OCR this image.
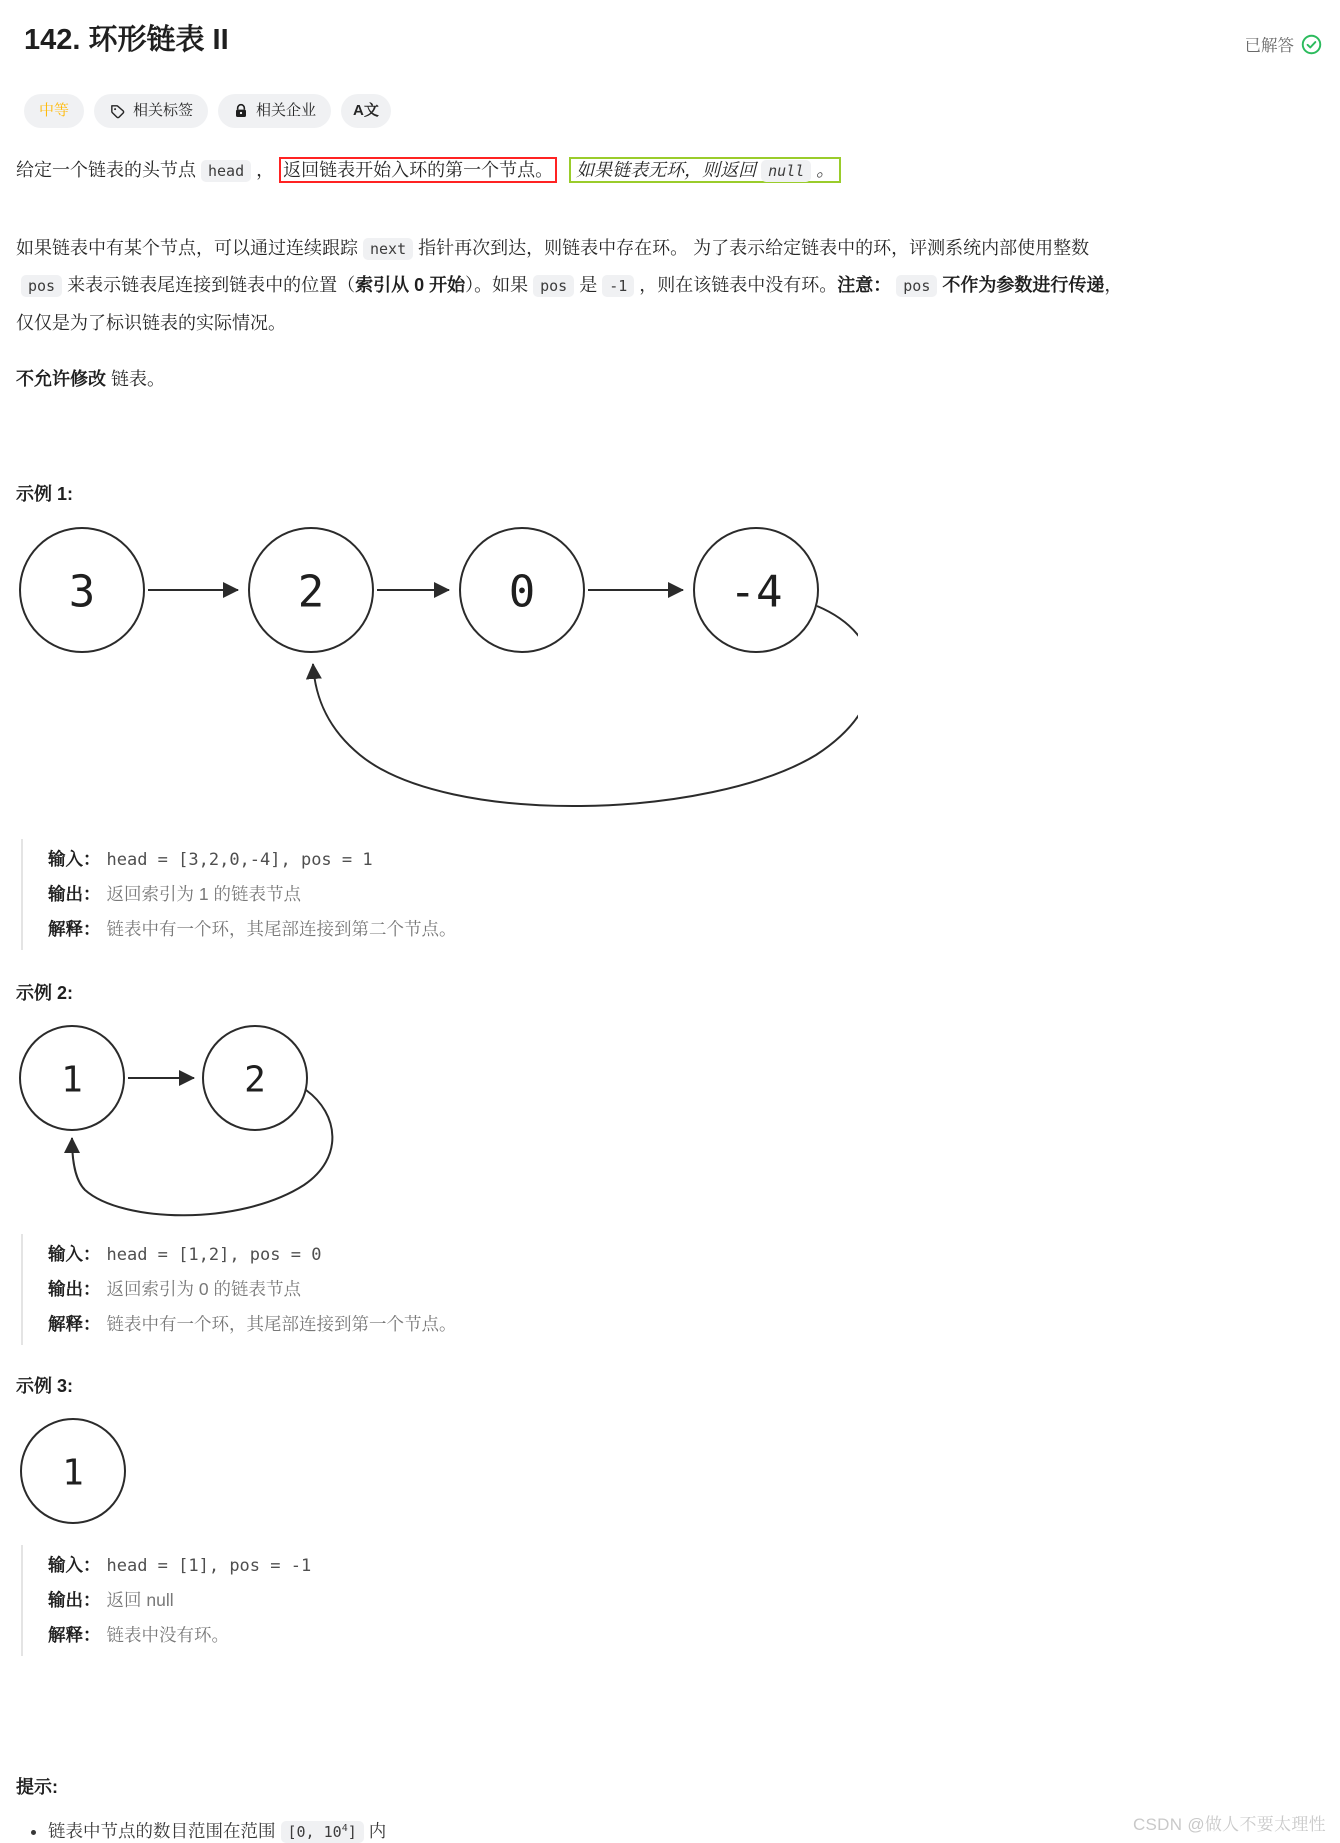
142. 环形链表 II	已解答
中等	相关标签	相关企业 A文

给定一个链表的头节点 head ， 返回链表开始入环的第一个节点。 如果链表无环，则返回 null 。

如果链表中有某个节点，可以通过连续跟踪 next 指针再次到达，则链表中存在环。 为了表示给定链表中的环，评测系统内部使用整数pos 来表示链表尾连接到链表中的位置（索引从 0 开始）。如果 pos 是 -1 ，则在该链表中没有环。注意： pos 不作为参数进行传递，仅仅是为了标识链表的实际情况。

不允许修改 链表。

示例 1:

3	2	0	-4
输入： head = [3,2,0,-4], pos = 1
输出： 返回索引为 1 的链表节点
解释： 链表中有一个环，其尾部连接到第二个节点。

示例 2:

1	2
输入： head = [1,2], pos = 0
输出： 返回索引为 0 的链表节点
解释： 链表中有一个环，其尾部连接到第一个节点。

示例 3:

1
输入： head = [1], pos = -1
输出： 返回 null
解释： 链表中没有环。

提示:

• 链表中节点的数目范围在范围 [0, $10^4$] 内	CSDN @做人不要太理性
